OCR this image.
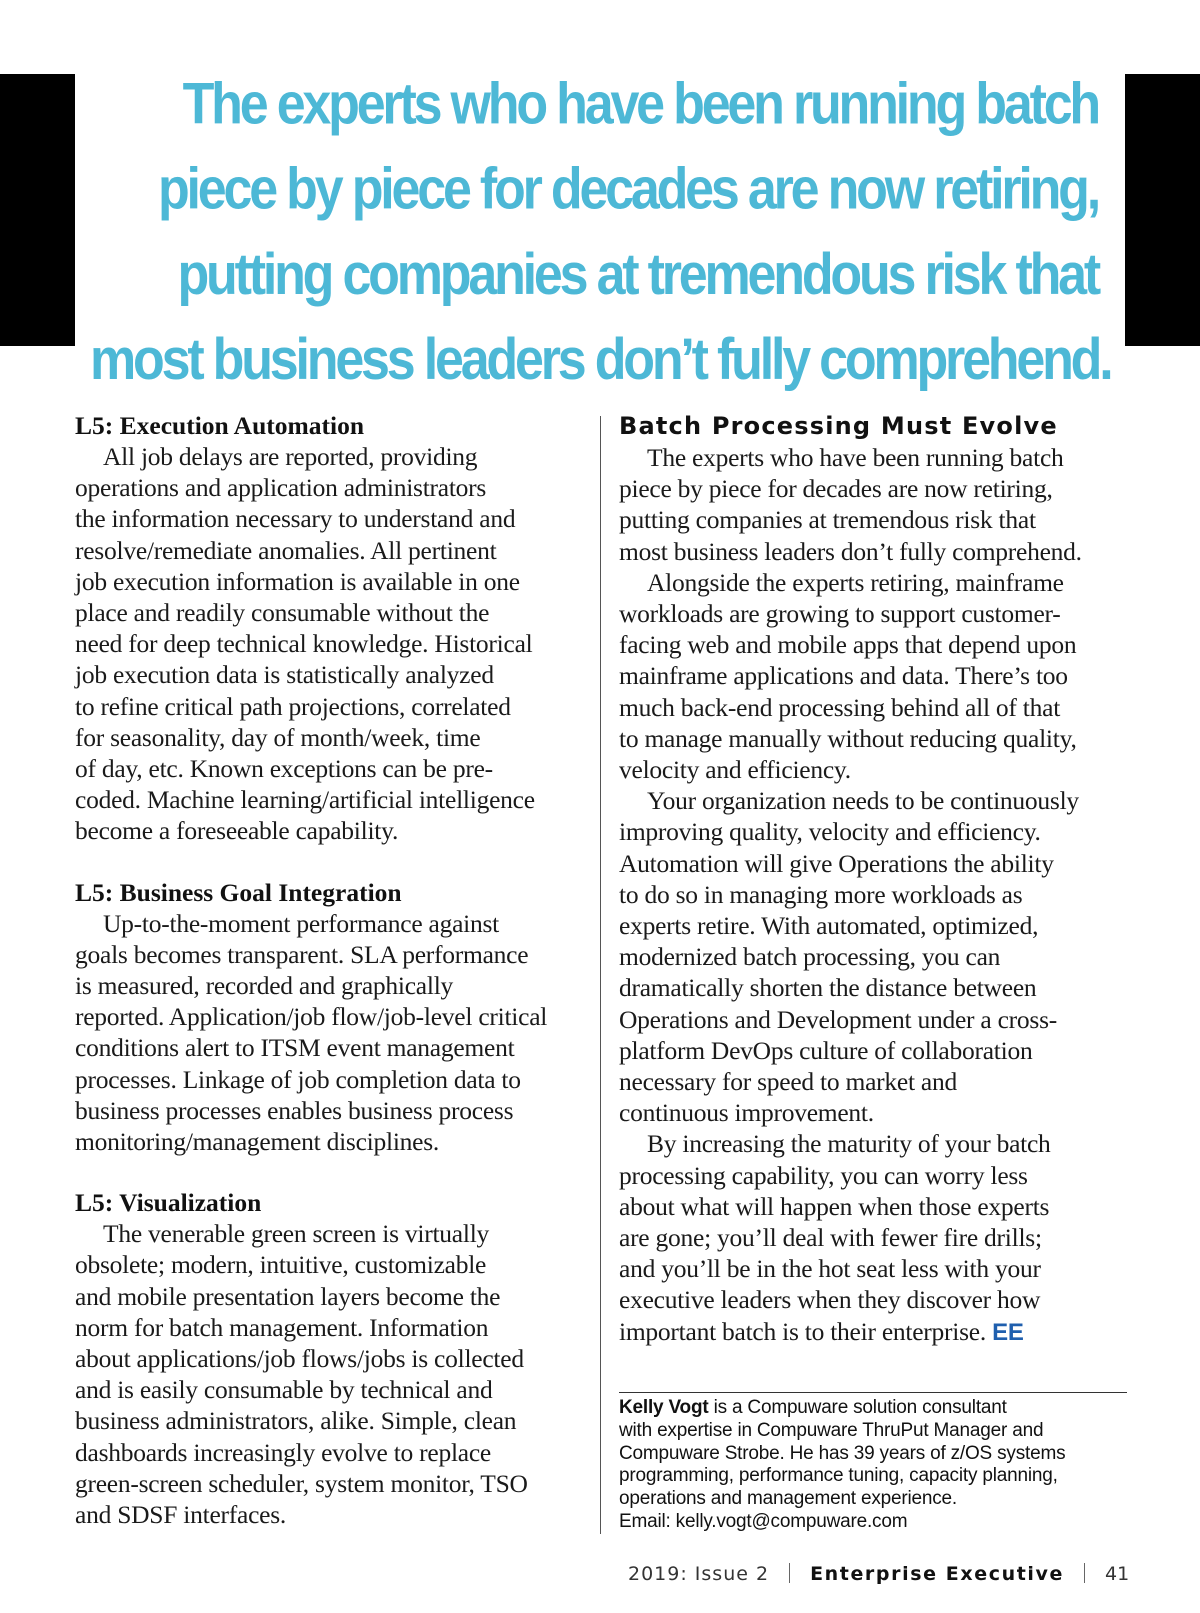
The experts who have been running batch
piece by piece for decades are now retiring,
putting companies at tremendous risk that
most business leaders don’t fully comprehend.
L5: Execution Automation

All job delays are reported, providing
operations and application administrators
the information necessary to understand and
resolve/remediate anomalies. All pertinent
job execution information is available in one
place and readily consumable without the
need for deep technical knowledge. Historical
job execution data is statistically analyzed
to refine critical path projections, correlated
for seasonality, day of month/week, time
of day, etc. Known exceptions can be pre-
coded. Machine learning/artificial intelligence
become a foreseeable capability.

L5: Business Goal Integration

Up-to-the-moment performance against
goals becomes transparent. SLA performance
is measured, recorded and graphically
reported. Application/job flow/job-level critical
conditions alert to ITSM event management
processes. Linkage of job completion data to
business processes enables business process
monitoring/management disciplines.

L5: Visualization

The venerable green screen is virtually
obsolete; modern, intuitive, customizable
and mobile presentation layers become the
norm for batch management. Information
about applications/job flows/jobs is collected
and is easily consumable by technical and
business administrators, alike. Simple, clean
dashboards increasingly evolve to replace
green-screen scheduler, system monitor, TSO
and SDSF interfaces.

Batch Processing Must Evolve

The experts who have been running batch
piece by piece for decades are now retiring,
putting companies at tremendous risk that
most business leaders don’t fully comprehend.

Alongside the experts retiring, mainframe
workloads are growing to support customer-
facing web and mobile apps that depend upon
mainframe applications and data. There’s too
much back-end processing behind all of that
to manage manually without reducing quality,
velocity and efficiency.

Your organization needs to be continuously
improving quality, velocity and efficiency.
Automation will give Operations the ability
to do so in managing more workloads as
experts retire. With automated, optimized,
modernized batch processing, you can
dramatically shorten the distance between
Operations and Development under a cross-
platform DevOps culture of collaboration
necessary for speed to market and
continuous improvement.

By increasing the maturity of your batch
processing capability, you can worry less
about what will happen when those experts
are gone; you’ll deal with fewer fire drills;
and you’ll be in the hot seat less with your
executive leaders when they discover how
important batch is to their enterprise. EE

Kelly Vogt is a Compuware solution consultant
with expertise in Compuware ThruPut Manager and
Compuware Strobe. He has 39 years of z/OS systems
programming, performance tuning, capacity planning,
operations and management experience.
Email: kelly.vogt@compuware.com
2019: Issue 2 Enterprise Executive 41
